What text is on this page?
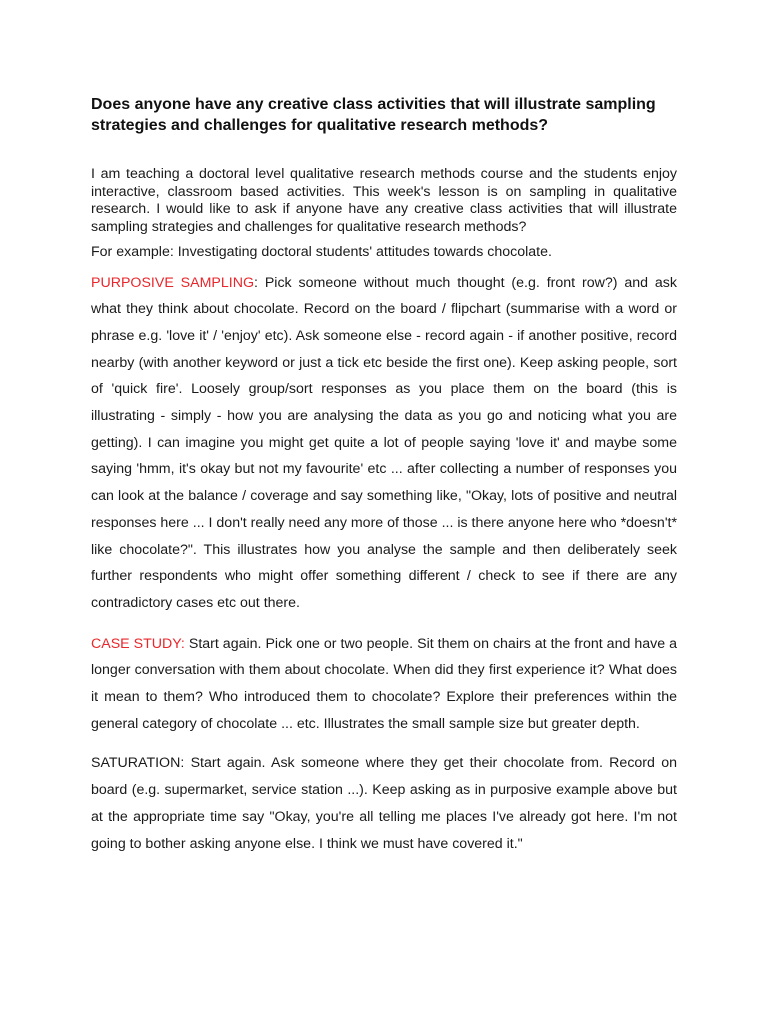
Does anyone have any creative class activities that will illustrate sampling strategies and challenges for qualitative research methods?

I am teaching a doctoral level qualitative research methods course and the students enjoy interactive, classroom based activities. This week's lesson is on sampling in qualitative research. I would like to ask if anyone have any creative class activities that will illustrate sampling strategies and challenges for qualitative research methods?

For example: Investigating doctoral students' attitudes towards chocolate.

PURPOSIVE SAMPLING: Pick someone without much thought (e.g. front row?) and ask what they think about chocolate. Record on the board / flipchart (summarise with a word or phrase e.g. 'love it' / 'enjoy' etc). Ask someone else - record again - if another positive, record nearby (with another keyword or just a tick etc beside the first one). Keep asking people, sort of 'quick fire'. Loosely group/sort responses as you place them on the board (this is illustrating - simply - how you are analysing the data as you go and noticing what you are getting). I can imagine you might get quite a lot of people saying 'love it' and maybe some saying 'hmm, it's okay but not my favourite' etc ... after collecting a number of responses you can look at the balance / coverage and say something like, "Okay, lots of positive and neutral responses here ... I don't really need any more of those ... is there anyone here who *doesn't* like chocolate?". This illustrates how you analyse the sample and then deliberately seek further respondents who might offer something different / check to see if there are any contradictory cases etc out there.

CASE STUDY: Start again. Pick one or two people. Sit them on chairs at the front and have a longer conversation with them about chocolate. When did they first experience it? What does it mean to them? Who introduced them to chocolate? Explore their preferences within the general category of chocolate ... etc. Illustrates the small sample size but greater depth.

SATURATION: Start again. Ask someone where they get their chocolate from. Record on board (e.g. supermarket, service station ...). Keep asking as in purposive example above but at the appropriate time say "Okay, you're all telling me places I've already got here. I'm not going to bother asking anyone else. I think we must have covered it."
